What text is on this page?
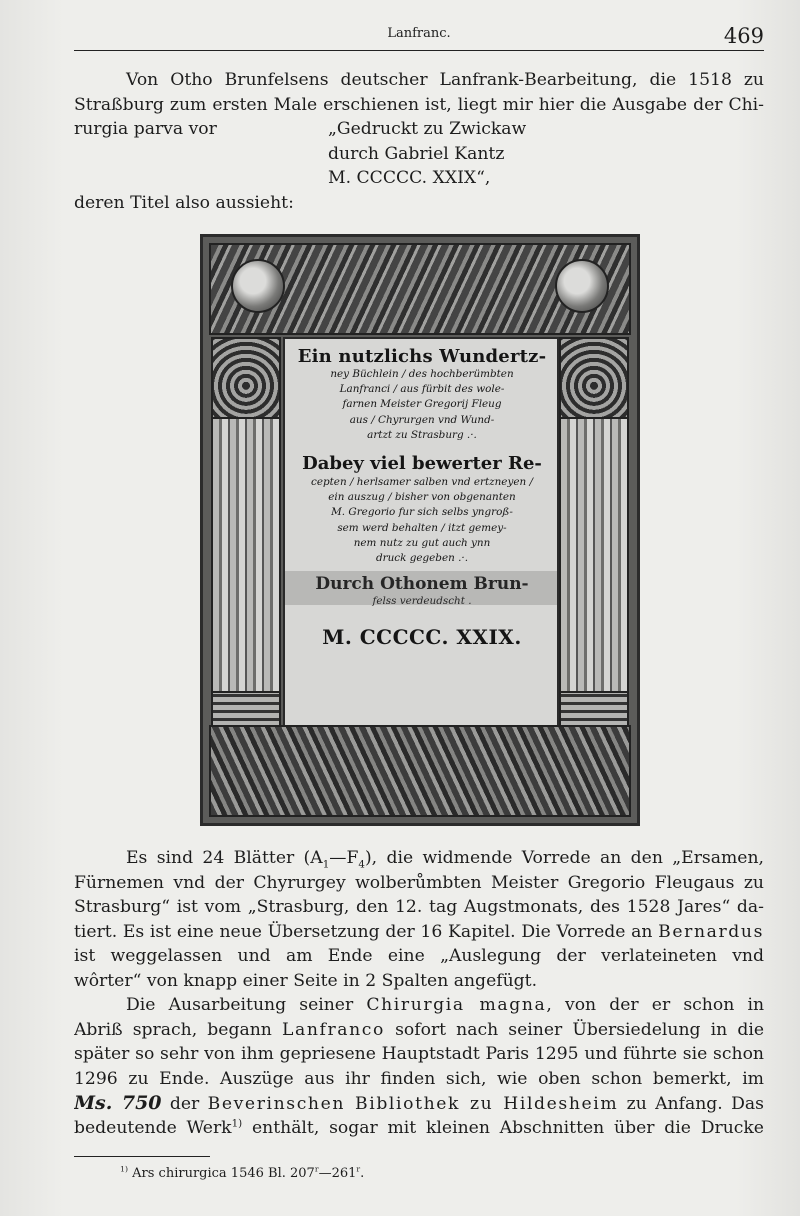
Lanfranc.	469
Von Otho Brunfelsens deutscher Lanfrank-Bearbeitung, die 1518 zu
Straßburg zum ersten Male erschienen ist, liegt mir hier die Ausgabe der Chi-
rurgia parva vor	„Gedruckt zu Zwickaw
durch Gabriel Kantz
M. CCCCC. XXIX“,
deren Titel also aussieht:
Ein nutzlichs Wundertz-
ney Büchlein / des hochberümbten
Lanfranci / aus fürbit des wole-
farnen Meister Gregorij Fleug
aus / Chyrurgen vnd Wund-
artzt zu Strasburg .·.
Dabey viel bewerter Re-
cepten / herlsamer salben vnd ertzneyen /
ein auszug / bisher von obgenanten
M. Gregorio fur sich selbs yngroß-
sem werd behalten / itzt gemey-
nem nutz zu gut auch ynn
druck gegeben .·.
Durch Othonem Brun-
felss verdeudscht .
M. CCCCC. XXIX.
Es sind 24 Blätter $(A_1—F_4)$, die widmende Vorrede an den „Ersamen,
Fürnemen vnd der Chyrurgey wolberůmbten Meister Gregorio Fleugaus zu
Strasburg“ ist vom „Strasburg, den 12. tag Augstmonats, des 1528 Jares“ da-
tiert. Es ist eine neue Übersetzung der 16 Kapitel. Die Vorrede an Bernardus
ist weggelassen und am Ende eine „Auslegung der verlateineten vnd
wôrter“ von knapp einer Seite in 2 Spalten angefügt.
Die Ausarbeitung seiner Chirurgia magna, von der er schon in
Abriß sprach, begann Lanfranco sofort nach seiner Übersiedelung in die
später so sehr von ihm gepriesene Hauptstadt Paris 1295 und führte sie schon
1296 zu Ende. Auszüge aus ihr finden sich, wie oben schon bemerkt, im
Ms. 750 der Beverinschen Bibliothek zu Hildesheim zu Anfang. Das
bedeutende Werk$^{1)}$ enthält, sogar mit kleinen Abschnitten über die Drucke
$^{1)}$ Ars chirurgica 1546 Bl. 207$^r$—261$^r$.
